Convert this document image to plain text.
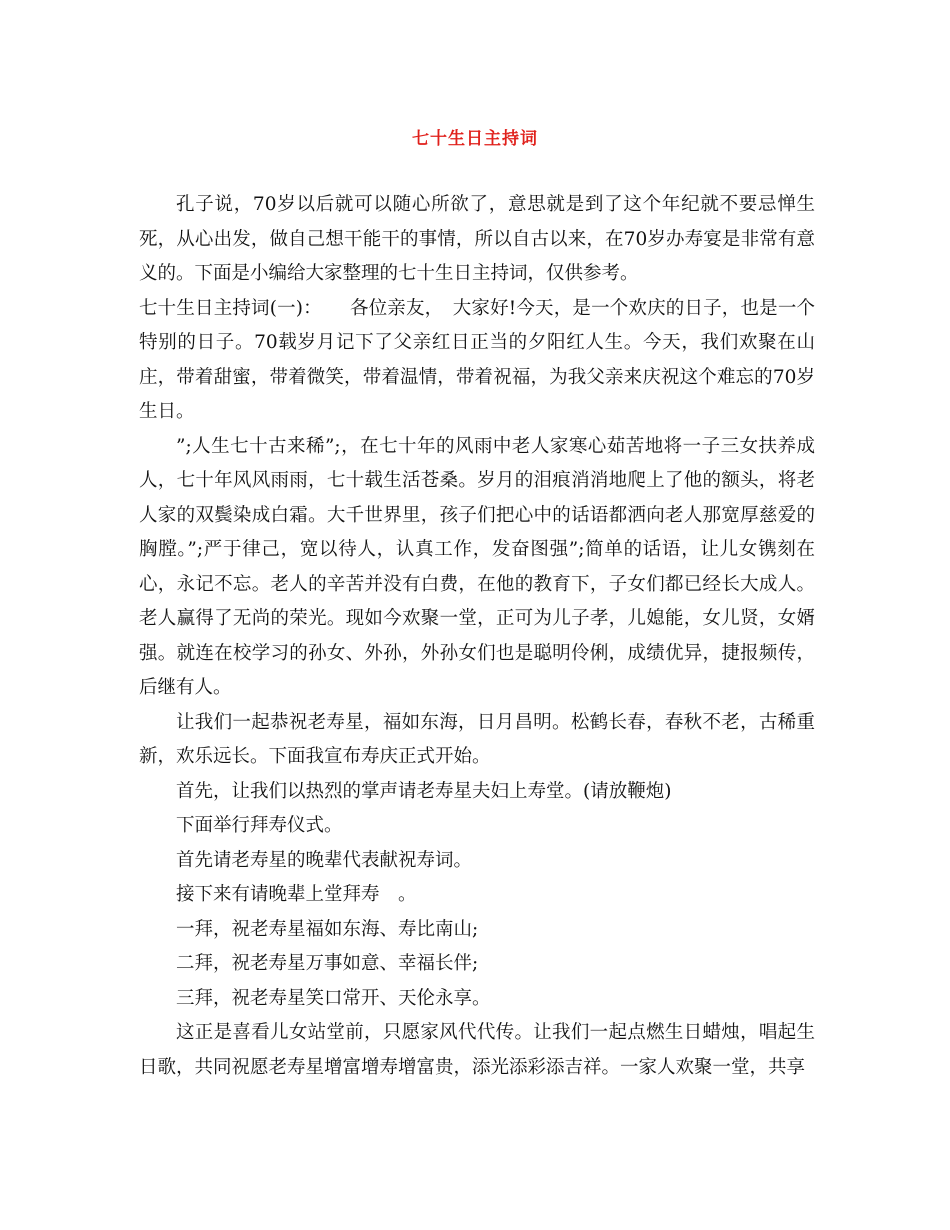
七十生日主持词

孔子说，70岁以后就可以随心所欲了，意思就是到了这个年纪就不要忌惮生死，从心出发，做自己想干能干的事情，所以自古以来，在70岁办寿宴是非常有意义的。下面是小编给大家整理的七十生日主持词，仅供参考。

七十生日主持词(一)：　　各位亲友，　大家好!今天，是一个欢庆的日子，也是一个特别的日子。70载岁月记下了父亲红日正当的夕阳红人生。今天，我们欢聚在山庄，带着甜蜜，带着微笑，带着温情，带着祝福，为我父亲来庆祝这个难忘的70岁生日。

”;人生七十古来稀”;，在七十年的风雨中老人家寒心茹苦地将一子三女扶养成人，七十年风风雨雨，七十载生活苍桑。岁月的泪痕消消地爬上了他的额头，将老人家的双鬓染成白霜。大千世界里，孩子们把心中的话语都洒向老人那宽厚慈爱的胸膛。”;严于律己，宽以待人，认真工作，发奋图强”;简单的话语，让儿女镌刻在心，永记不忘。老人的辛苦并没有白费，在他的教育下，子女们都已经长大成人。老人赢得了无尚的荣光。现如今欢聚一堂，正可为儿子孝，儿媳能，女儿贤，女婿强。就连在校学习的孙女、外孙，外孙女们也是聪明伶俐，成绩优异，捷报频传，后继有人。

让我们一起恭祝老寿星，福如东海，日月昌明。松鹤长春，春秋不老，古稀重新，欢乐远长。下面我宣布寿庆正式开始。

首先，让我们以热烈的掌声请老寿星夫妇上寿堂。(请放鞭炮)

下面举行拜寿仪式。

首先请老寿星的晚辈代表献祝寿词。

接下来有请晚辈上堂拜寿　。

一拜，祝老寿星福如东海、寿比南山;

二拜，祝老寿星万事如意、幸福长伴;

三拜，祝老寿星笑口常开、天伦永享。

这正是喜看儿女站堂前，只愿家风代代传。让我们一起点燃生日蜡烛，唱起生日歌，共同祝愿老寿星增富增寿增富贵，添光添彩添吉祥。一家人欢聚一堂，共享
